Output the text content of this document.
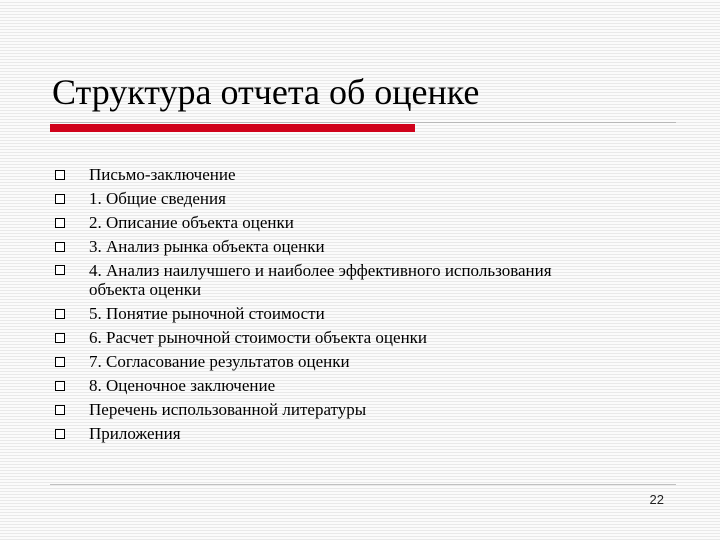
Структура отчета об оценке
Письмо-заключение
1. Общие сведения
2. Описание объекта оценки
3. Анализ рынка объекта оценки
4. Анализ наилучшего и наиболее эффективного использования
объекта оценки
5. Понятие рыночной стоимости
6. Расчет рыночной стоимости объекта оценки
7. Согласование результатов оценки
8. Оценочное заключение
Перечень использованной литературы
Приложения
22
